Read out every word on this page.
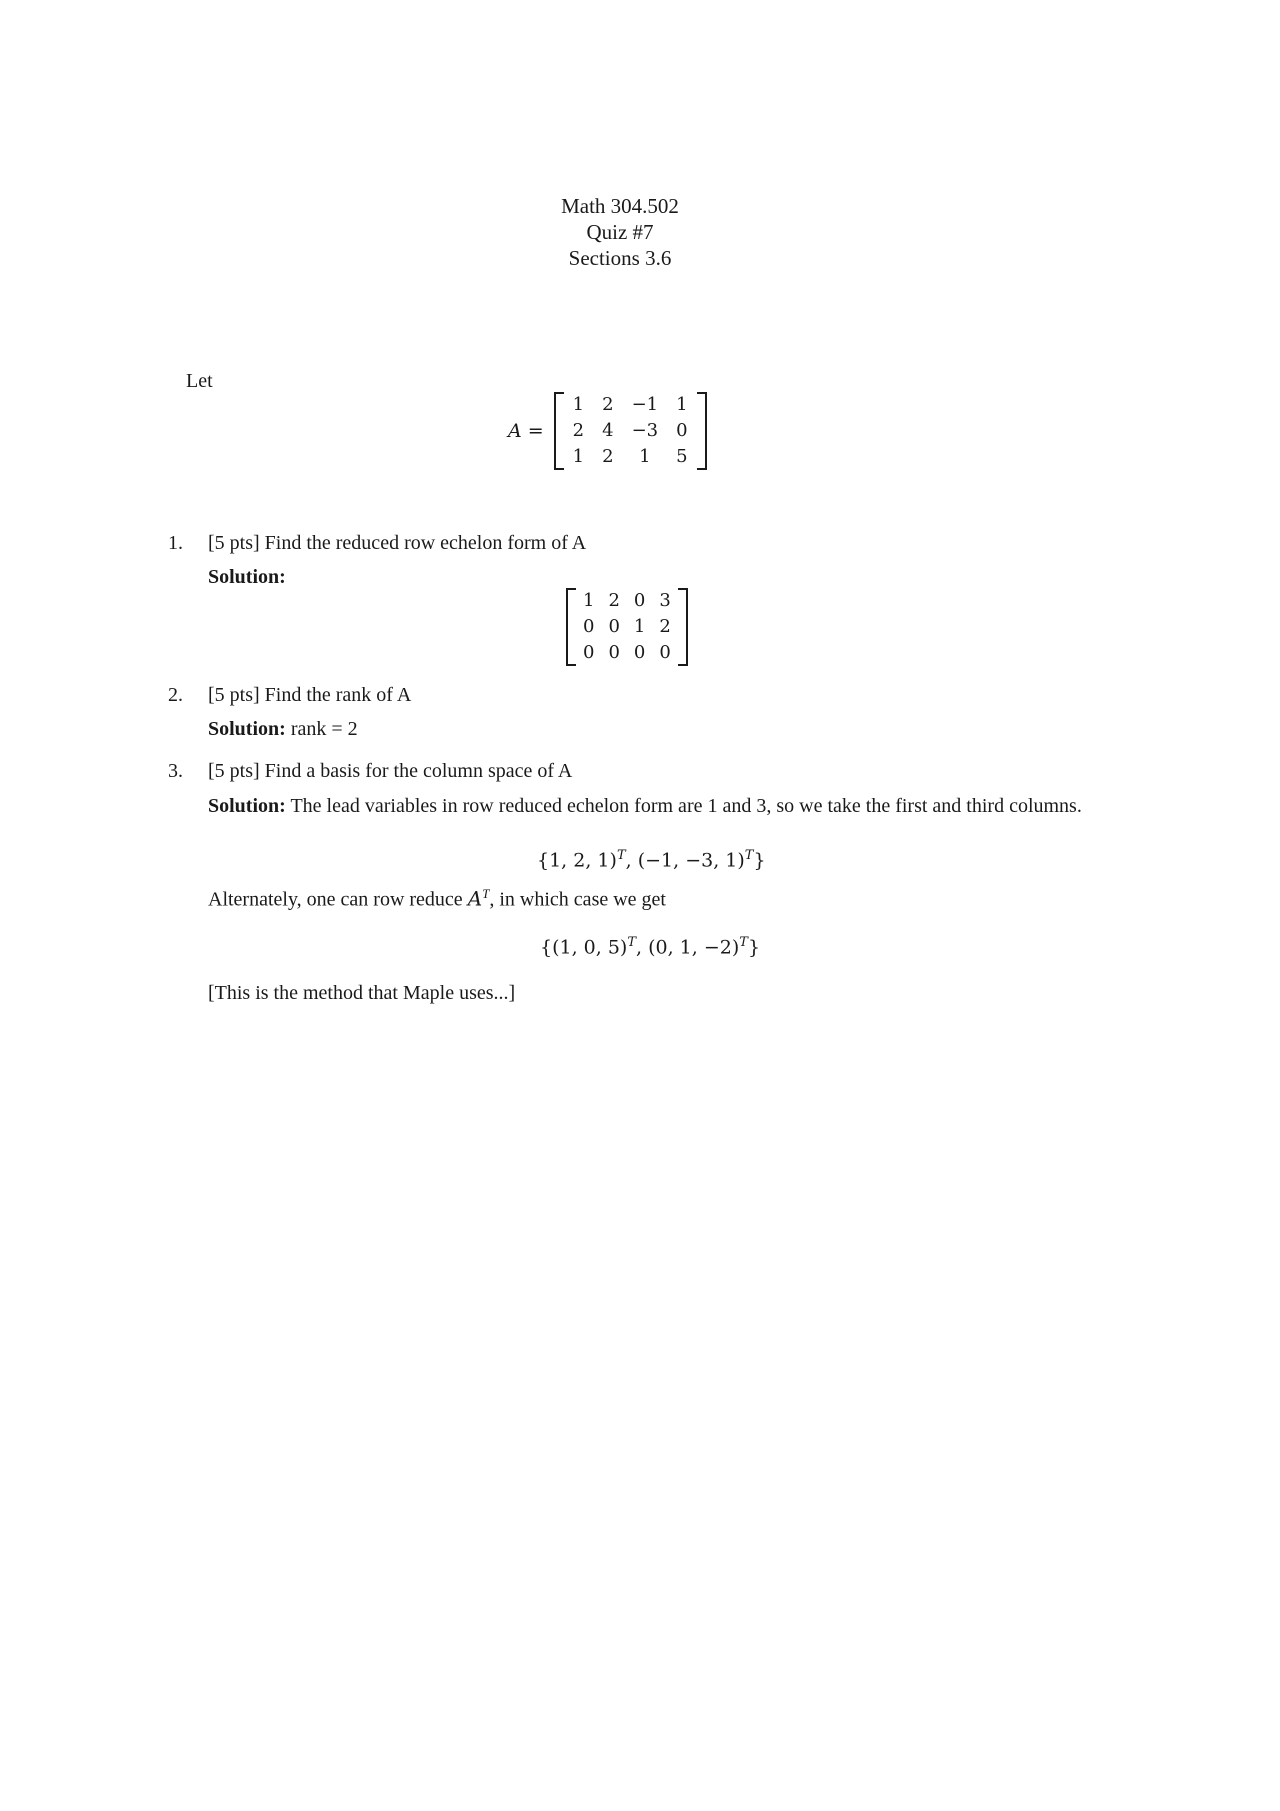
Math 304.502
Quiz #7
Sections 3.6
Let
A =
1	2	−1	1
2	4	−3	0
1	2	1	5
1. [5 pts] Find the reduced row echelon form of A
Solution:
1	2	0	3
0	0	1	2
0	0	0	0
2. [5 pts] Find the rank of A
Solution: rank = 2
3. [5 pts] Find a basis for the column space of A
Solution: The lead variables in row reduced echelon form are 1 and 3, so we take the first and third columns.
{1, 2, 1)$^T$, (−1, −3, 1)$^T$}
Alternately, one can row reduce $A^T$, in which case we get
{(1, 0, 5)$^T$, (0, 1, −2)$^T$}
[This is the method that Maple uses...]
